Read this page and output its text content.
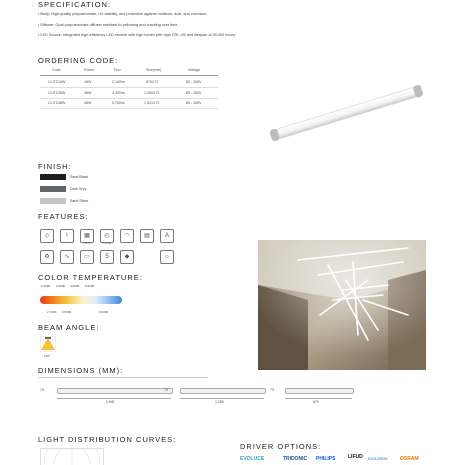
SPECIFICATION:
• Body: High-quality polycarbonate, UV stability, and protection against moisture, dust, and corrosion.
• Diffuser: Opal polycarbonate diffuser resistant to yellowing and cracking over time.
• LED Source: Integrated high-efficiency LED module with high lumen with high CRI >90 and lifespan of 50,000 hours.
ORDERING CODE:
Code	Power	Flux	Size(mm)	Voltage
CLITZ18W	18W	2,160lm	670X73	85 - 265V
CLITZ36W	36W	4,320lm	1,250X73	85 - 265V
CLITZ48W	48W	5,760lm	1,541X73	85 - 265V
FINISH:
Sand Black
Dark Grey
Sand Silver
FEATURES:
◇	⌇	▦
CRI>90
◴
50,000H
◠	▤	A
♻	∿	▭	5	◆	☼
COLOR TEMPERATURE:
2,200K 3,000K 4,000K 5,000K
2,700K 3,500K	6,000K
BEAM ANGLE:
120°
DIMENSIONS (MM):
73
1,541
73
1,250
73
670
LIGHT DISTRIBUTION CURVES:
DRIVER OPTIONS:
EVOLUCE	TRIDONIC PHILIPS	LIFUD EAGLERISE OSRAM
